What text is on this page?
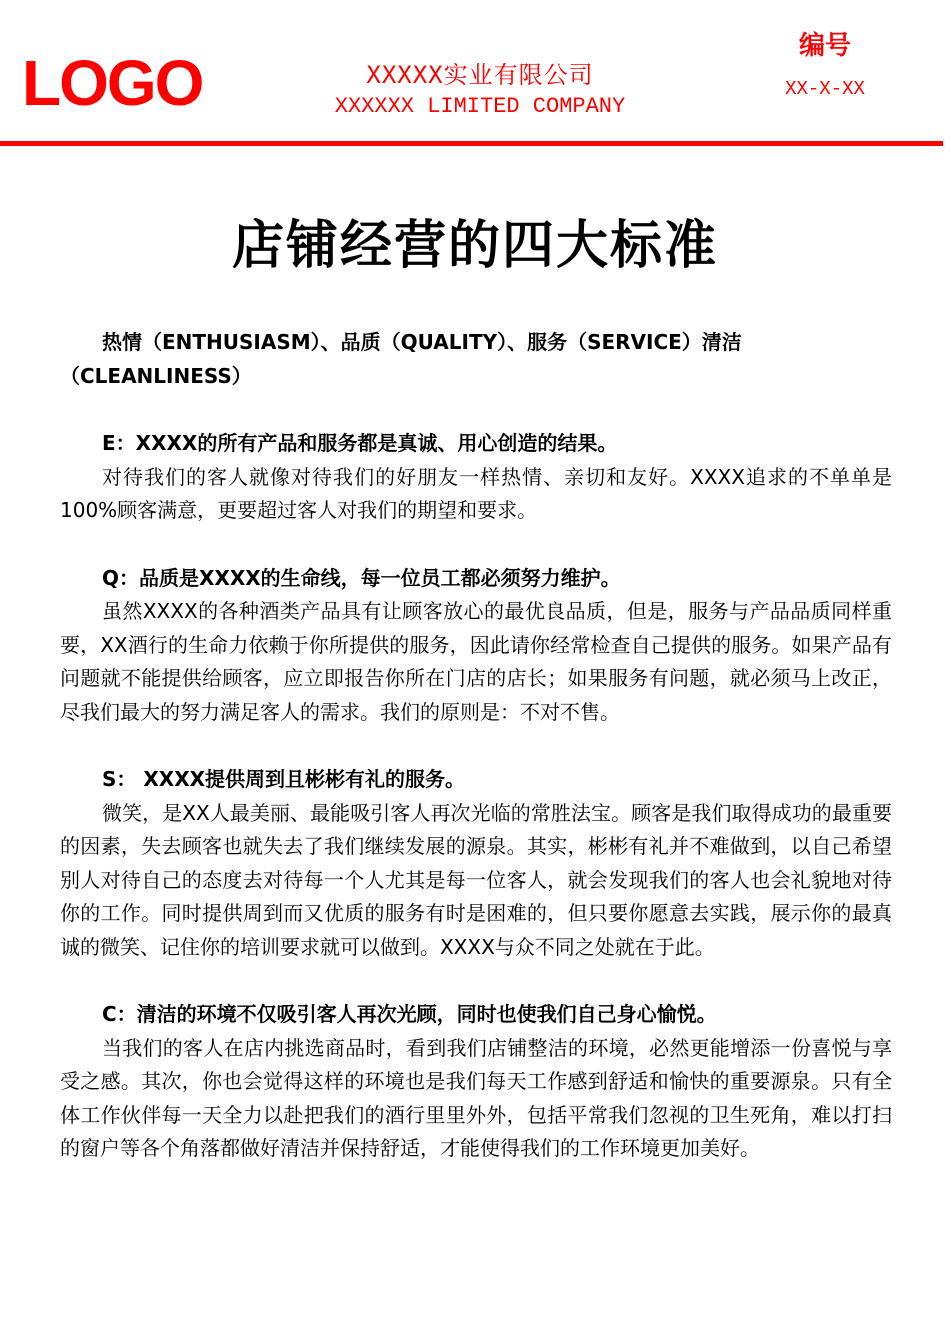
LOGO	XXXXX实业有限公司
XXXXXX LIMITED COMPANY
编号
XX-X-XX
店铺经营的四大标准

热情（ENTHUSIASM）、品质（QUALITY）、服务（SERVICE）清洁（CLEANLINESS）

E：XXXX的所有产品和服务都是真诚、用心创造的结果。

对待我们的客人就像对待我们的好朋友一样热情、亲切和友好。XXXX追求的不单单是100%顾客满意，更要超过客人对我们的期望和要求。

Q：品质是XXXX的生命线，每一位员工都必须努力维护。

虽然XXXX的各种酒类产品具有让顾客放心的最优良品质，但是，服务与产品品质同样重要，XX酒行的生命力依赖于你所提供的服务，因此请你经常检查自己提供的服务。如果产品有问题就不能提供给顾客，应立即报告你所在门店的店长；如果服务有问题，就必须马上改正，尽我们最大的努力满足客人的需求。我们的原则是：不对不售。

S： XXXX提供周到且彬彬有礼的服务。

微笑，是XX人最美丽、最能吸引客人再次光临的常胜法宝。顾客是我们取得成功的最重要的因素，失去顾客也就失去了我们继续发展的源泉。其实，彬彬有礼并不难做到，以自己希望别人对待自己的态度去对待每一个人尤其是每一位客人，就会发现我们的客人也会礼貌地对待你的工作。同时提供周到而又优质的服务有时是困难的，但只要你愿意去实践，展示你的最真诚的微笑、记住你的培训要求就可以做到。XXXX与众不同之处就在于此。

C：清洁的环境不仅吸引客人再次光顾，同时也使我们自己身心愉悦。

当我们的客人在店内挑选商品时，看到我们店铺整洁的环境，必然更能增添一份喜悦与享受之感。其次，你也会觉得这样的环境也是我们每天工作感到舒适和愉快的重要源泉。只有全体工作伙伴每一天全力以赴把我们的酒行里里外外，包括平常我们忽视的卫生死角，难以打扫的窗户等各个角落都做好清洁并保持舒适，才能使得我们的工作环境更加美好。
